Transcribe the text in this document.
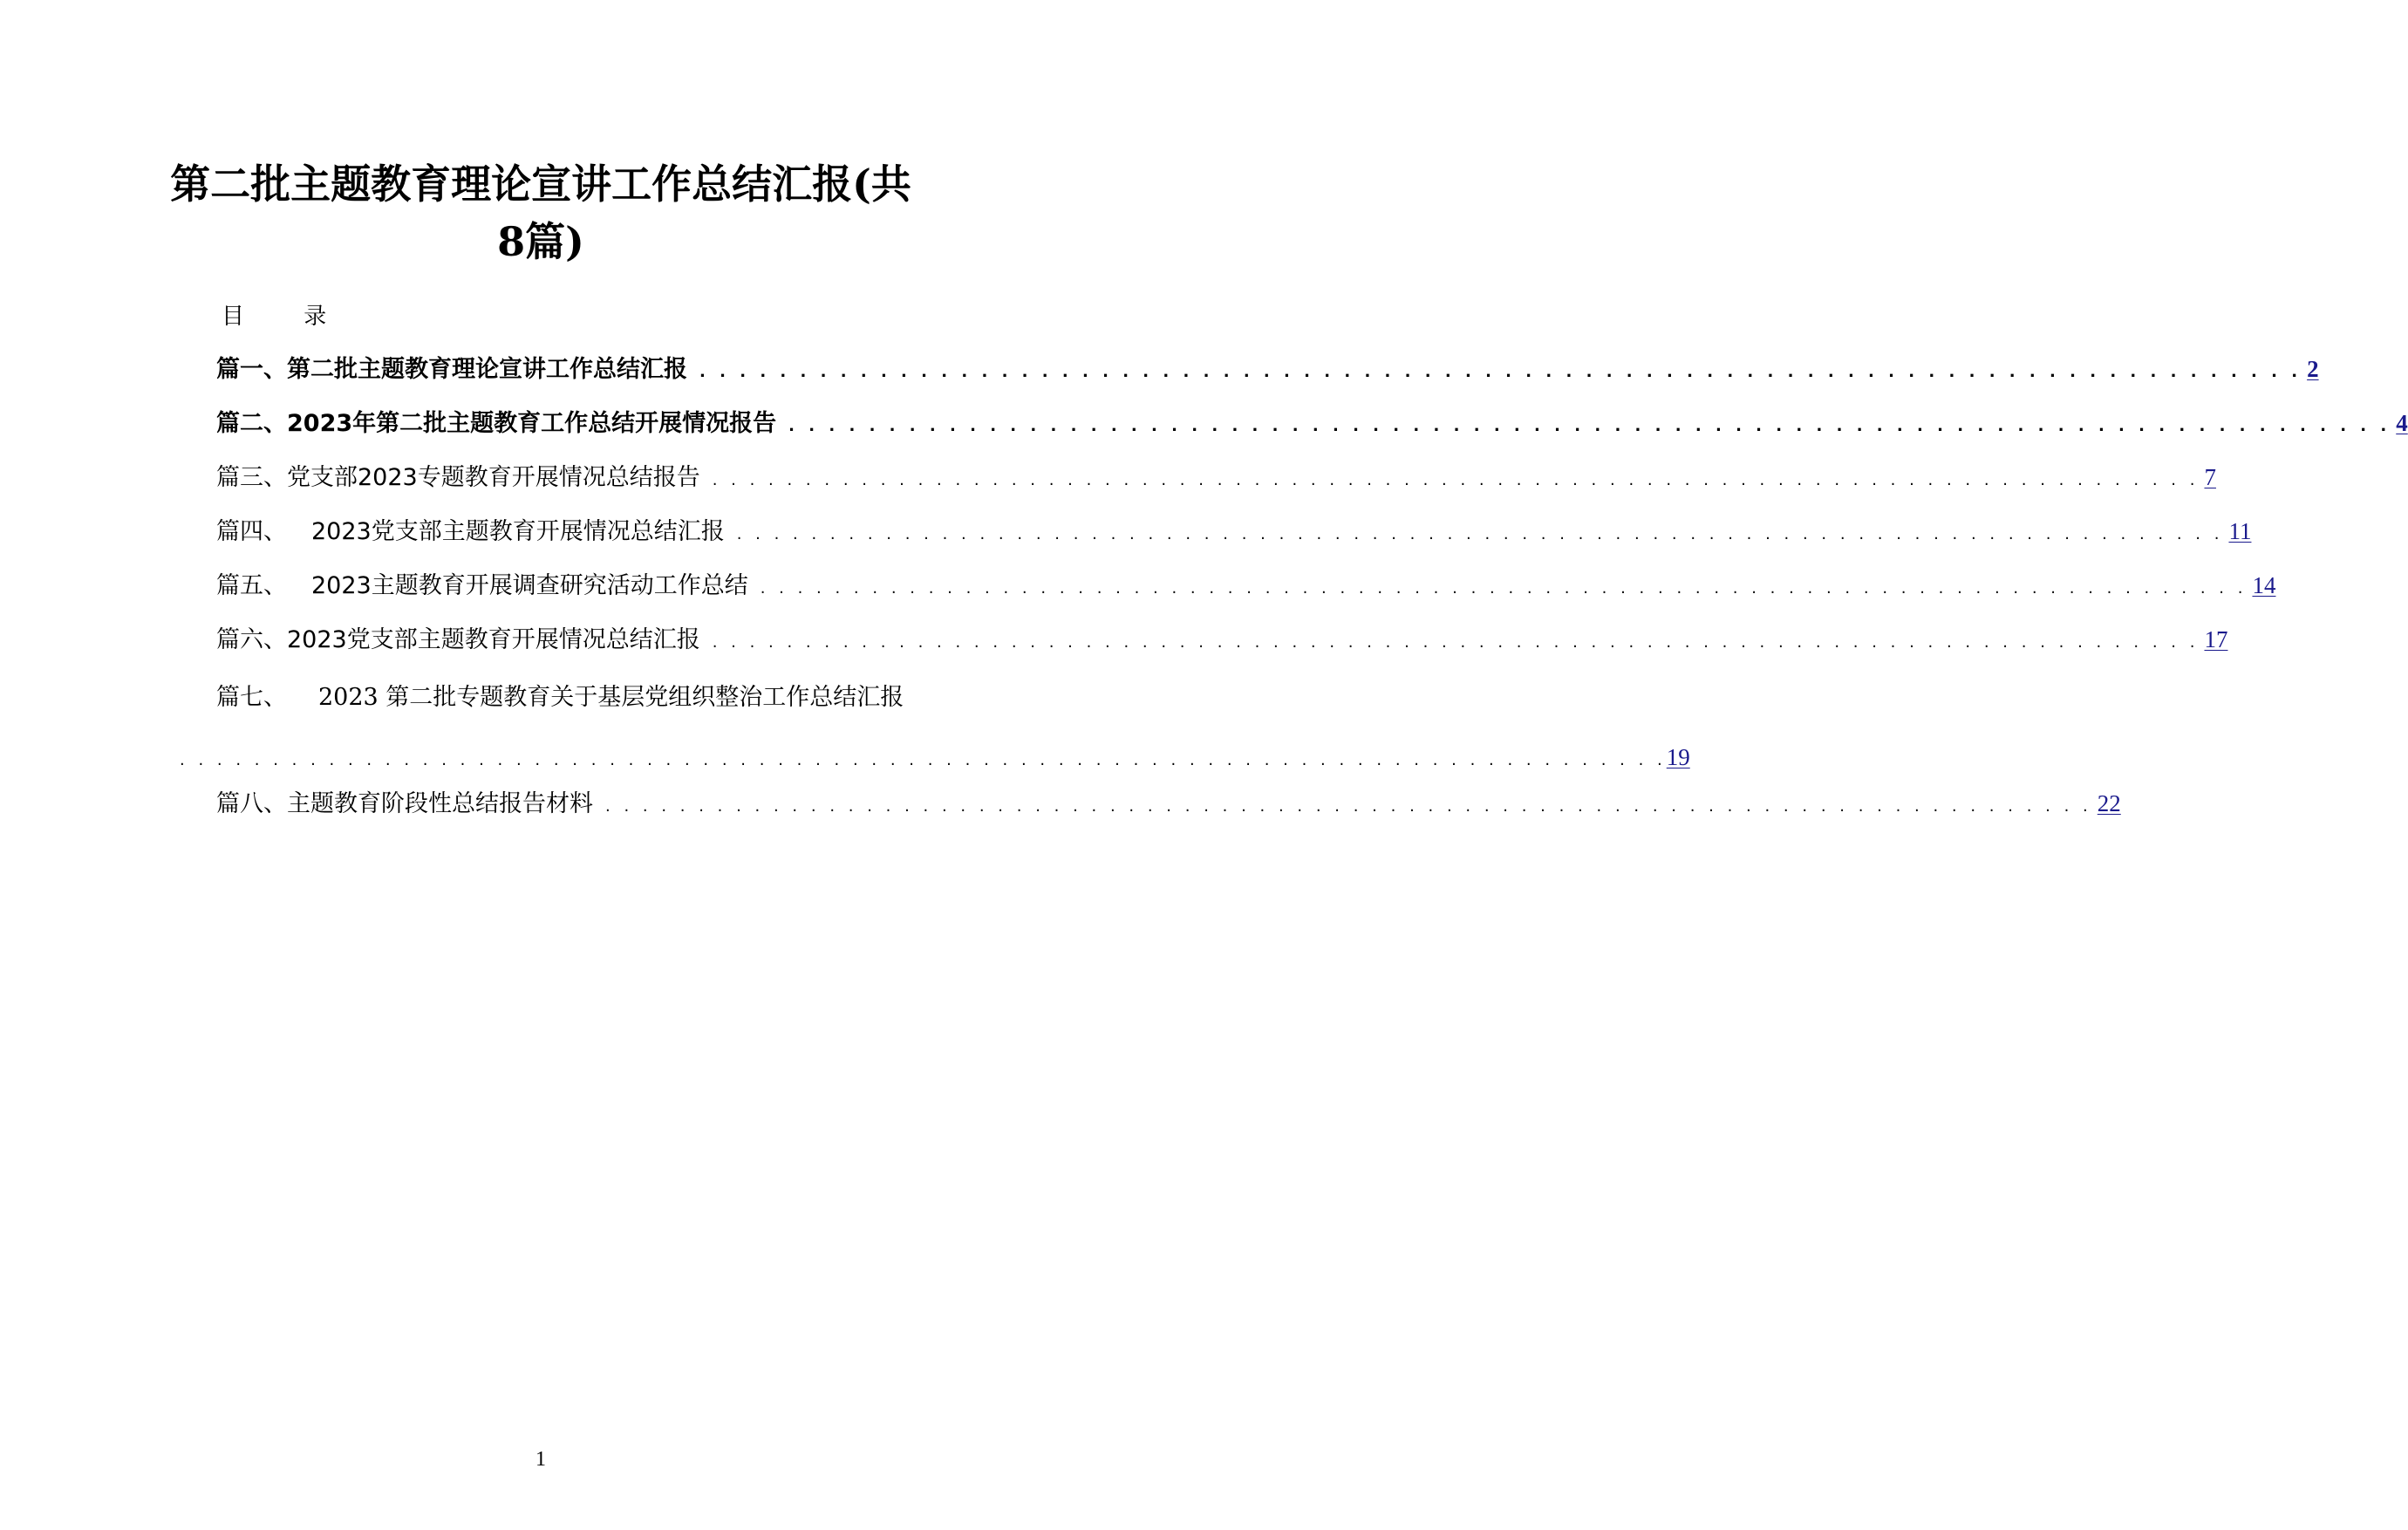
第二批主题教育理论宣讲工作总结汇报(共
8篇)
目 录
篇一、第二批主题教育理论宣讲工作总结汇报 . . . . . . . . . . . . . . . . . . . . . . . . . . . . . . . . . . . . . . . . . . . . . . . . . . . . . . . . . . . . . . . . . . . . . . . . . . . . . . . . 2
篇二、2023年第二批主题教育工作总结开展情况报告 . . . . . . . . . . . . . . . . . . . . . . . . . . . . . . . . . . . . . . . . . . . . . . . . . . . . . . . . . . . . . . . . . . . . . . . . . . . . . . . . 4
篇三、党支部2023专题教育开展情况总结报告 . . . . . . . . . . . . . . . . . . . . . . . . . . . . . . . . . . . . . . . . . . . . . . . . . . . . . . . . . . . . . . . . . . . . . . . . . . . . . . . . 7
篇四、 2023党支部主题教育开展情况总结汇报 . . . . . . . . . . . . . . . . . . . . . . . . . . . . . . . . . . . . . . . . . . . . . . . . . . . . . . . . . . . . . . . . . . . . . . . . . . . . . . . . 11
篇五、 2023主题教育开展调查研究活动工作总结 . . . . . . . . . . . . . . . . . . . . . . . . . . . . . . . . . . . . . . . . . . . . . . . . . . . . . . . . . . . . . . . . . . . . . . . . . . . . . . . . 14
篇六、2023党支部主题教育开展情况总结汇报 . . . . . . . . . . . . . . . . . . . . . . . . . . . . . . . . . . . . . . . . . . . . . . . . . . . . . . . . . . . . . . . . . . . . . . . . . . . . . . . . 17
篇七、 2023 第二批专题教育关于基层党组织整治工作总结汇报
. . . . . . . . . . . . . . . . . . . . . . . . . . . . . . . . . . . . . . . . . . . . . . . . . . . . . . . . . . . . . . . . . . . . . . . . . . . . . . . . 19
篇八、主题教育阶段性总结报告材料 . . . . . . . . . . . . . . . . . . . . . . . . . . . . . . . . . . . . . . . . . . . . . . . . . . . . . . . . . . . . . . . . . . . . . . . . . . . . . . . . 22
1
